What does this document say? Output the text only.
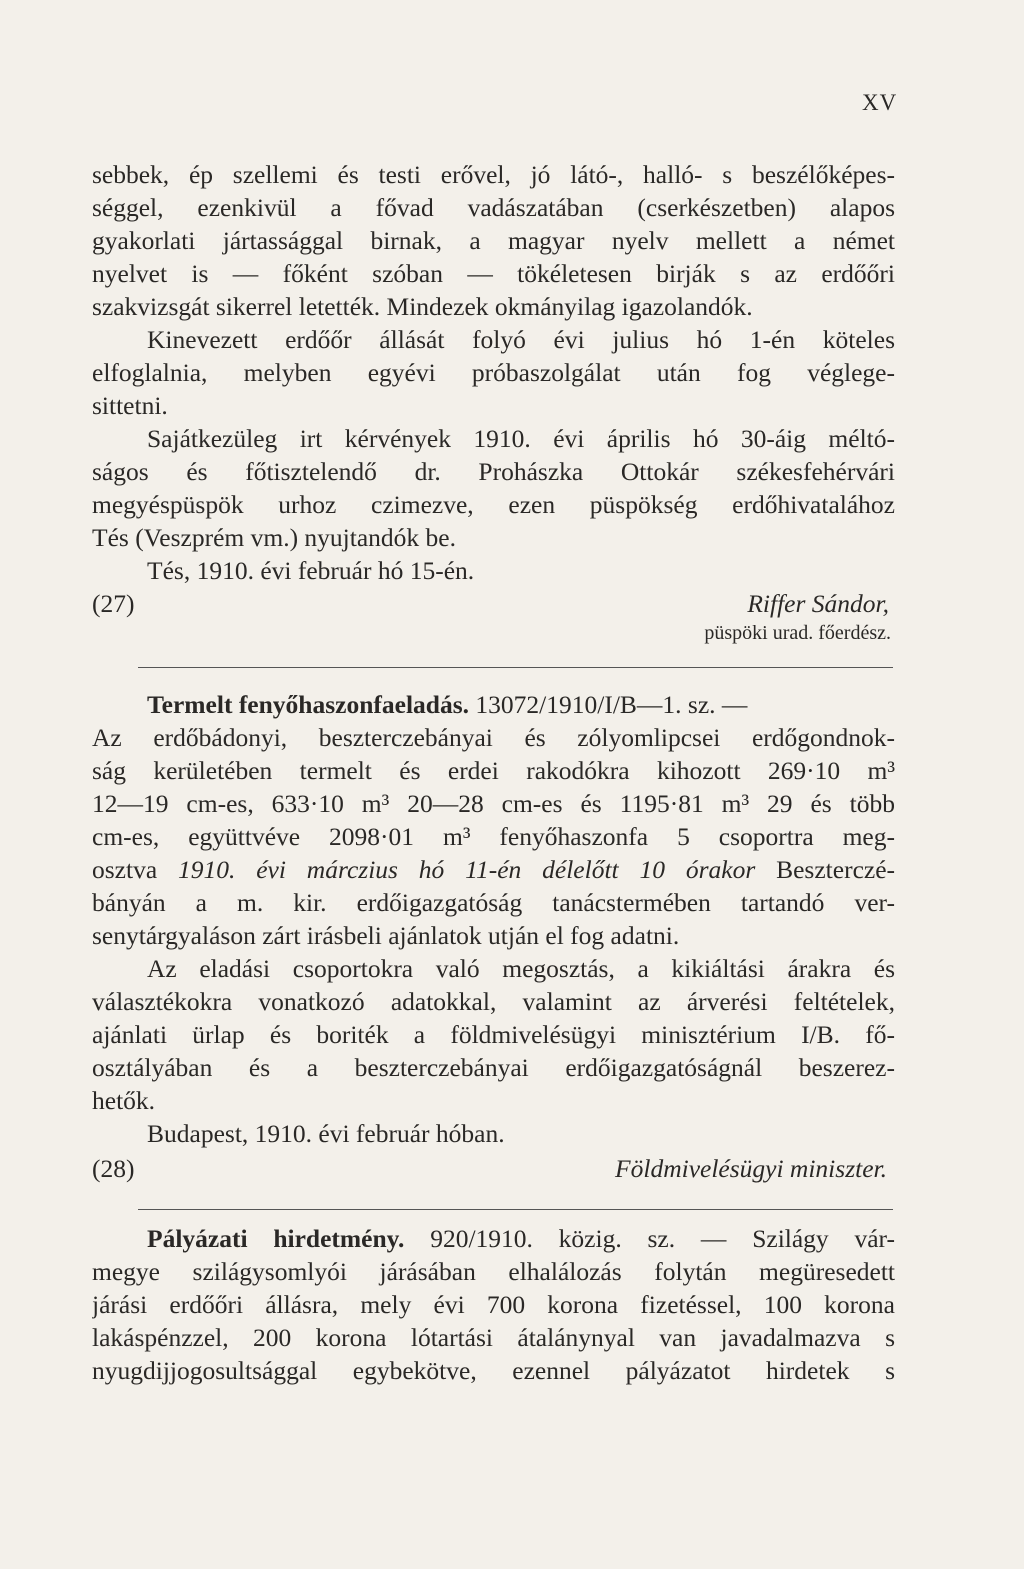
XV
sebbek, ép szellemi és testi erővel, jó látó-, halló- s beszélőképes-
séggel, ezenkivül a fővad vadászatában (cserkészetben) alapos
gyakorlati jártassággal birnak, a magyar nyelv mellett a német
nyelvet is — főként szóban — tökéletesen birják s az erdőőri
szakvizsgát sikerrel letették. Mindezek okmányilag igazolandók.
Kinevezett erdőőr állását folyó évi julius hó 1-én köteles
elfoglalnia, melyben egyévi próbaszolgálat után fog véglege-
sittetni.
Sajátkezüleg irt kérvények 1910. évi április hó 30-áig méltó-
ságos és főtisztelendő dr. Prohászka Ottokár székesfehérvári
megyéspüspök urhoz czimezve, ezen püspökség erdőhivatalához
Tés (Veszprém vm.) nyujtandók be.
Tés, 1910. évi február hó 15-én.
(27)	Riffer Sándor,
püspöki urad. főerdész.
Termelt fenyőhaszonfaeladás. 13072/1910/I/B—1. sz. —
Az erdőbádonyi, beszterczebányai és zólyomlipcsei erdőgondnok-
ság kerületében termelt és erdei rakodókra kihozott 269·10 m³
12—19 cm-es, 633·10 m³ 20—28 cm-es és 1195·81 m³ 29 és több
cm-es, együttvéve 2098·01 m³ fenyőhaszonfa 5 csoportra meg-
osztva 1910. évi márczius hó 11-én délelőtt 10 órakor Beszterczé-
bányán a m. kir. erdőigazgatóság tanácstermében tartandó ver-
senytárgyaláson zárt irásbeli ajánlatok utján el fog adatni.
Az eladási csoportokra való megosztás, a kikiáltási árakra és
választékokra vonatkozó adatokkal, valamint az árverési feltételek,
ajánlati ürlap és boriték a földmivelésügyi minisztérium I/B. fő-
osztályában és a beszterczebányai erdőigazgatóságnál beszerez-
hetők.
Budapest, 1910. évi február hóban.
(28)	Földmivelésügyi miniszter.
Pályázati hirdetmény. 920/1910. közig. sz. — Szilágy vár-
megye szilágysomlyói járásában elhalálozás folytán megüresedett
járási erdőőri állásra, mely évi 700 korona fizetéssel, 100 korona
lakáspénzzel, 200 korona lótartási átalánynyal van javadalmazva s
nyugdijjogosultsággal egybekötve, ezennel pályázatot hirdetek s
